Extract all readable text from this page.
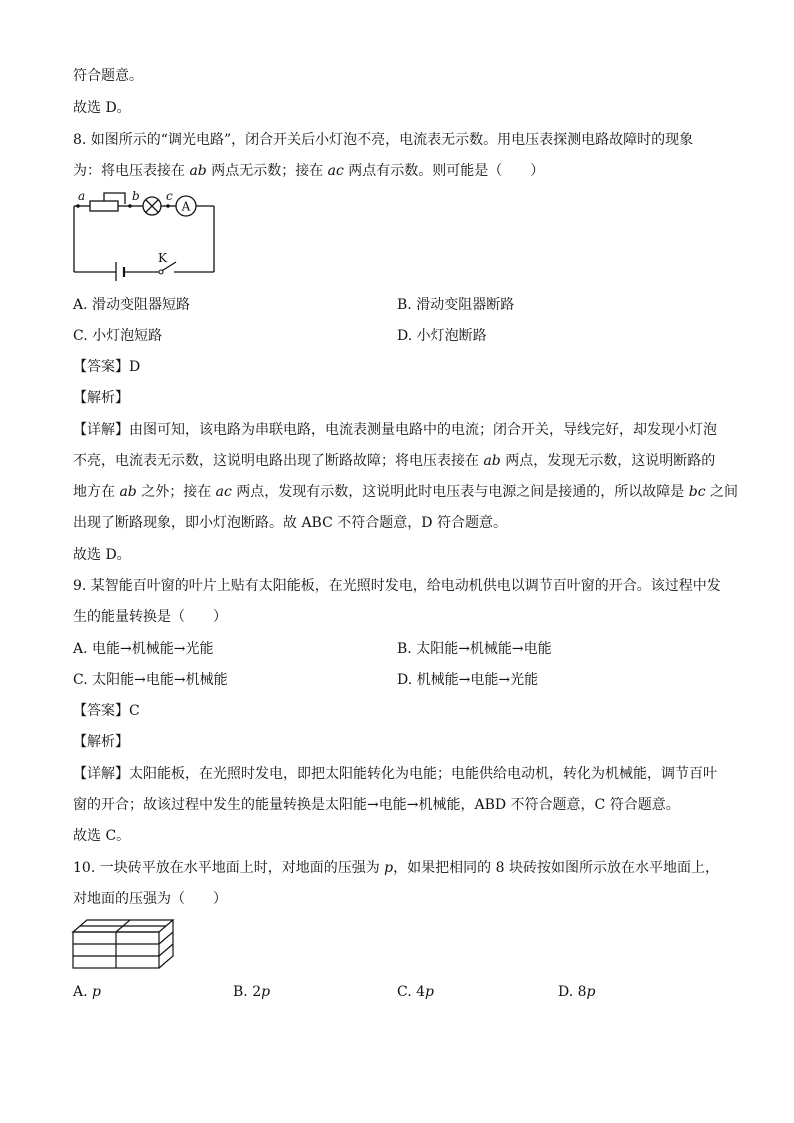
符合题意。
故选 D。
8. 如图所示的“调光电路”，闭合开关后小灯泡不亮，电流表无示数。用电压表探测电路故障时的现象
为：将电压表接在 ab 两点无示数；接在 ac 两点有示数。则可能是（　　）
a	b c
A
K
A. 滑动变阻器短路	B. 滑动变阻器断路
C. 小灯泡短路	D. 小灯泡断路
【答案】D
【解析】
【详解】由图可知，该电路为串联电路，电流表测量电路中的电流；闭合开关，导线完好，却发现小灯泡
不亮，电流表无示数，这说明电路出现了断路故障；将电压表接在 ab 两点，发现无示数，这说明断路的
地方在 ab 之外；接在 ac 两点，发现有示数，这说明此时电压表与电源之间是接通的，所以故障是 bc 之间
出现了断路现象，即小灯泡断路。故 ABC 不符合题意，D 符合题意。
故选 D。
9. 某智能百叶窗的叶片上贴有太阳能板，在光照时发电，给电动机供电以调节百叶窗的开合。该过程中发
生的能量转换是（　　）
A. 电能→机械能→光能	B. 太阳能→机械能→电能
C. 太阳能→电能→机械能	D. 机械能→电能→光能
【答案】C
【解析】
【详解】太阳能板，在光照时发电，即把太阳能转化为电能；电能供给电动机，转化为机械能，调节百叶
窗的开合；故该过程中发生的能量转换是太阳能→电能→机械能，ABD 不符合题意，C 符合题意。
故选 C。
10. 一块砖平放在水平地面上时，对地面的压强为 p，如果把相同的 8 块砖按如图所示放在水平地面上，
对地面的压强为（　　）
A. p	B. 2p	C. 4p	D. 8p
